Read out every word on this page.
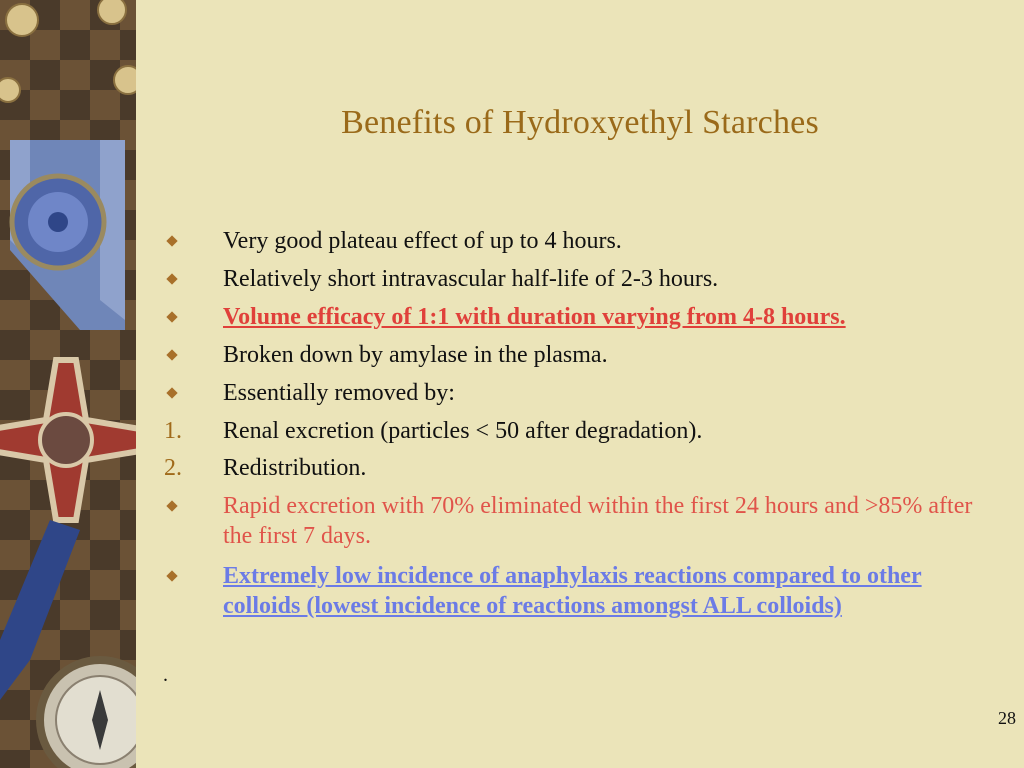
Benefits of Hydroxyethyl Starches
Very good plateau effect of up to 4 hours.
Relatively short intravascular half-life of 2-3 hours.
Volume efficacy of 1:1 with duration varying from 4-8 hours.
Broken down by amylase in the plasma.
Essentially removed by:
1.	Renal excretion (particles < 50 after degradation).
2.	Redistribution.
Rapid excretion with 70% eliminated within the first 24 hours and >85% after the first 7 days.
Extremely low incidence of anaphylaxis reactions compared to other colloids (lowest incidence of reactions amongst ALL colloids)
.
28
